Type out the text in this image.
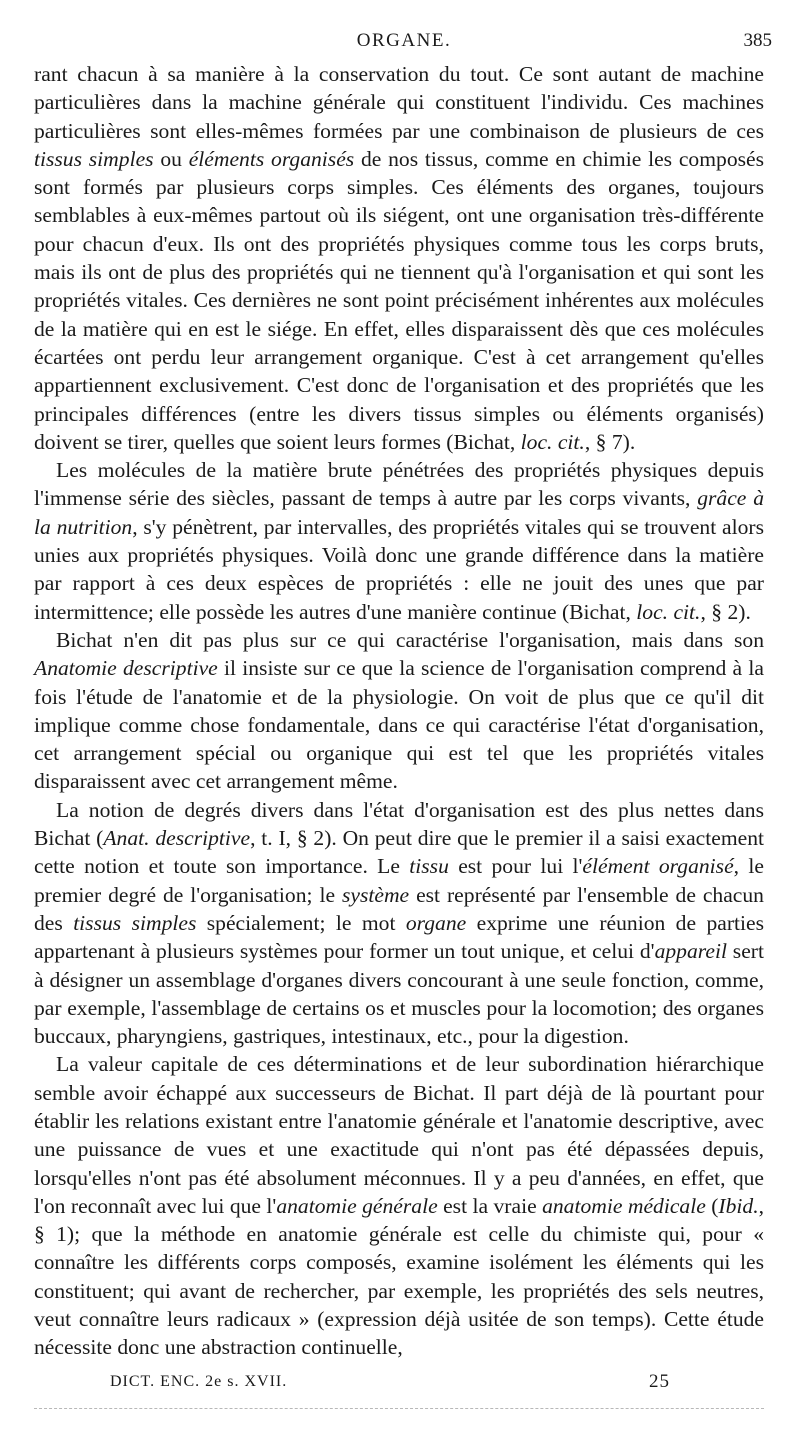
ORGANE.	385

rant chacun à sa manière à la conservation du tout. Ce sont autant de machine particulières dans la machine générale qui constituent l'individu. Ces machines particulières sont elles-mêmes formées par une combinaison de plusieurs de ces tissus simples ou éléments organisés de nos tissus, comme en chimie les composés sont formés par plusieurs corps simples. Ces éléments des organes, toujours semblables à eux-mêmes partout où ils siégent, ont une organisation très-différente pour chacun d'eux. Ils ont des propriétés physiques comme tous les corps bruts, mais ils ont de plus des propriétés qui ne tiennent qu'à l'organisation et qui sont les propriétés vitales. Ces dernières ne sont point précisément inhérentes aux molécules de la matière qui en est le siége. En effet, elles disparaissent dès que ces molécules écartées ont perdu leur arrangement organique. C'est à cet arrangement qu'elles appartiennent exclusivement. C'est donc de l'organisation et des propriétés que les principales différences (entre les divers tissus simples ou éléments organisés) doivent se tirer, quelles que soient leurs formes (Bichat, loc. cit., § 7).

Les molécules de la matière brute pénétrées des propriétés physiques depuis l'immense série des siècles, passant de temps à autre par les corps vivants, grâce à la nutrition, s'y pénètrent, par intervalles, des propriétés vitales qui se trouvent alors unies aux propriétés physiques. Voilà donc une grande différence dans la matière par rapport à ces deux espèces de propriétés : elle ne jouit des unes que par intermittence; elle possède les autres d'une manière continue (Bichat, loc. cit., § 2).

Bichat n'en dit pas plus sur ce qui caractérise l'organisation, mais dans son Anatomie descriptive il insiste sur ce que la science de l'organisation comprend à la fois l'étude de l'anatomie et de la physiologie. On voit de plus que ce qu'il dit implique comme chose fondamentale, dans ce qui caractérise l'état d'organisation, cet arrangement spécial ou organique qui est tel que les propriétés vitales disparaissent avec cet arrangement même.

La notion de degrés divers dans l'état d'organisation est des plus nettes dans Bichat (Anat. descriptive, t. I, § 2). On peut dire que le premier il a saisi exactement cette notion et toute son importance. Le tissu est pour lui l'élément organisé, le premier degré de l'organisation; le système est représenté par l'ensemble de chacun des tissus simples spécialement; le mot organe exprime une réunion de parties appartenant à plusieurs systèmes pour former un tout unique, et celui d'appareil sert à désigner un assemblage d'organes divers concourant à une seule fonction, comme, par exemple, l'assemblage de certains os et muscles pour la locomotion; des organes buccaux, pharyngiens, gastriques, intestinaux, etc., pour la digestion.

La valeur capitale de ces déterminations et de leur subordination hiérarchique semble avoir échappé aux successeurs de Bichat. Il part déjà de là pourtant pour établir les relations existant entre l'anatomie générale et l'anatomie descriptive, avec une puissance de vues et une exactitude qui n'ont pas été dépassées depuis, lorsqu'elles n'ont pas été absolument méconnues. Il y a peu d'années, en effet, que l'on reconnaît avec lui que l'anatomie générale est la vraie anatomie médicale (Ibid., § 1); que la méthode en anatomie générale est celle du chimiste qui, pour « connaître les différents corps composés, examine isolément les éléments qui les constituent; qui avant de rechercher, par exemple, les propriétés des sels neutres, veut connaître leurs radicaux » (expression déjà usitée de son temps). Cette étude nécessite donc une abstraction continuelle,

DICT. ENC. 2e s. XVII.	25
